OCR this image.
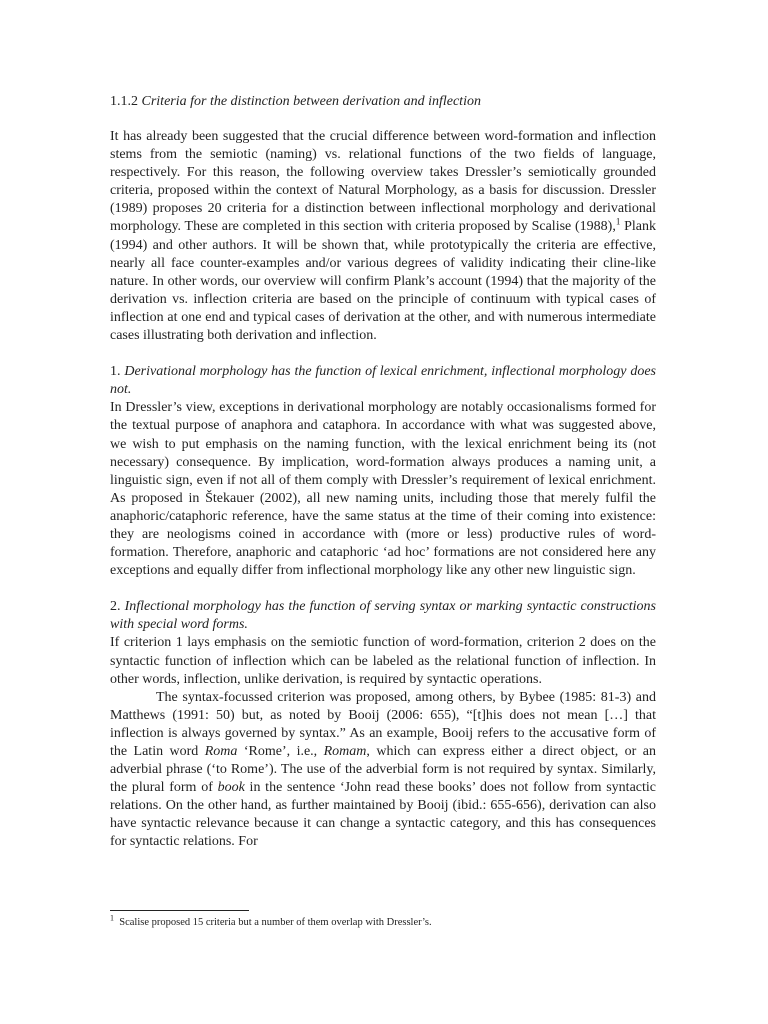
1.1.2 Criteria for the distinction between derivation and inflection

It has already been suggested that the crucial difference between word-formation and inflection stems from the semiotic (naming) vs. relational functions of the two fields of language, respectively. For this reason, the following overview takes Dressler’s semiotically grounded criteria, proposed within the context of Natural Morphology, as a basis for discussion. Dressler (1989) proposes 20 criteria for a distinction between inflectional morphology and derivational morphology. These are completed in this section with criteria proposed by Scalise (1988),$^1$ Plank (1994) and other authors. It will be shown that, while prototypically the criteria are effective, nearly all face counter-examples and/or various degrees of validity indicating their cline-like nature. In other words, our overview will confirm Plank’s account (1994) that the majority of the derivation vs. inflection criteria are based on the principle of continuum with typical cases of inflection at one end and typical cases of derivation at the other, and with numerous intermediate cases illustrating both derivation and inflection.

1. Derivational morphology has the function of lexical enrichment, inflectional morphology does not.

In Dressler’s view, exceptions in derivational morphology are notably occasionalisms formed for the textual purpose of anaphora and cataphora. In accordance with what was suggested above, we wish to put emphasis on the naming function, with the lexical enrichment being its (not necessary) consequence. By implication, word-formation always produces a naming unit, a linguistic sign, even if not all of them comply with Dressler’s requirement of lexical enrichment. As proposed in Štekauer (2002), all new naming units, including those that merely fulfil the anaphoric/cataphoric reference, have the same status at the time of their coming into existence: they are neologisms coined in accordance with (more or less) productive rules of word-formation. Therefore, anaphoric and cataphoric ‘ad hoc’ formations are not considered here any exceptions and equally differ from inflectional morphology like any other new linguistic sign.

2. Inflectional morphology has the function of serving syntax or marking syntactic constructions with special word forms.

If criterion 1 lays emphasis on the semiotic function of word-formation, criterion 2 does on the syntactic function of inflection which can be labeled as the relational function of inflection. In other words, inflection, unlike derivation, is required by syntactic operations.

The syntax-focussed criterion was proposed, among others, by Bybee (1985: 81-3) and Matthews (1991: 50) but, as noted by Booij (2006: 655), “[t]his does not mean […] that inflection is always governed by syntax.” As an example, Booij refers to the accusative form of the Latin word Roma ‘Rome’, i.e., Romam, which can express either a direct object, or an adverbial phrase (‘to Rome’). The use of the adverbial form is not required by syntax. Similarly, the plural form of book in the sentence ‘John read these books’ does not follow from syntactic relations. On the other hand, as further maintained by Booij (ibid.: 655-656), derivation can also have syntactic relevance because it can change a syntactic category, and this has consequences for syntactic relations. For

$^1$ Scalise proposed 15 criteria but a number of them overlap with Dressler’s.
